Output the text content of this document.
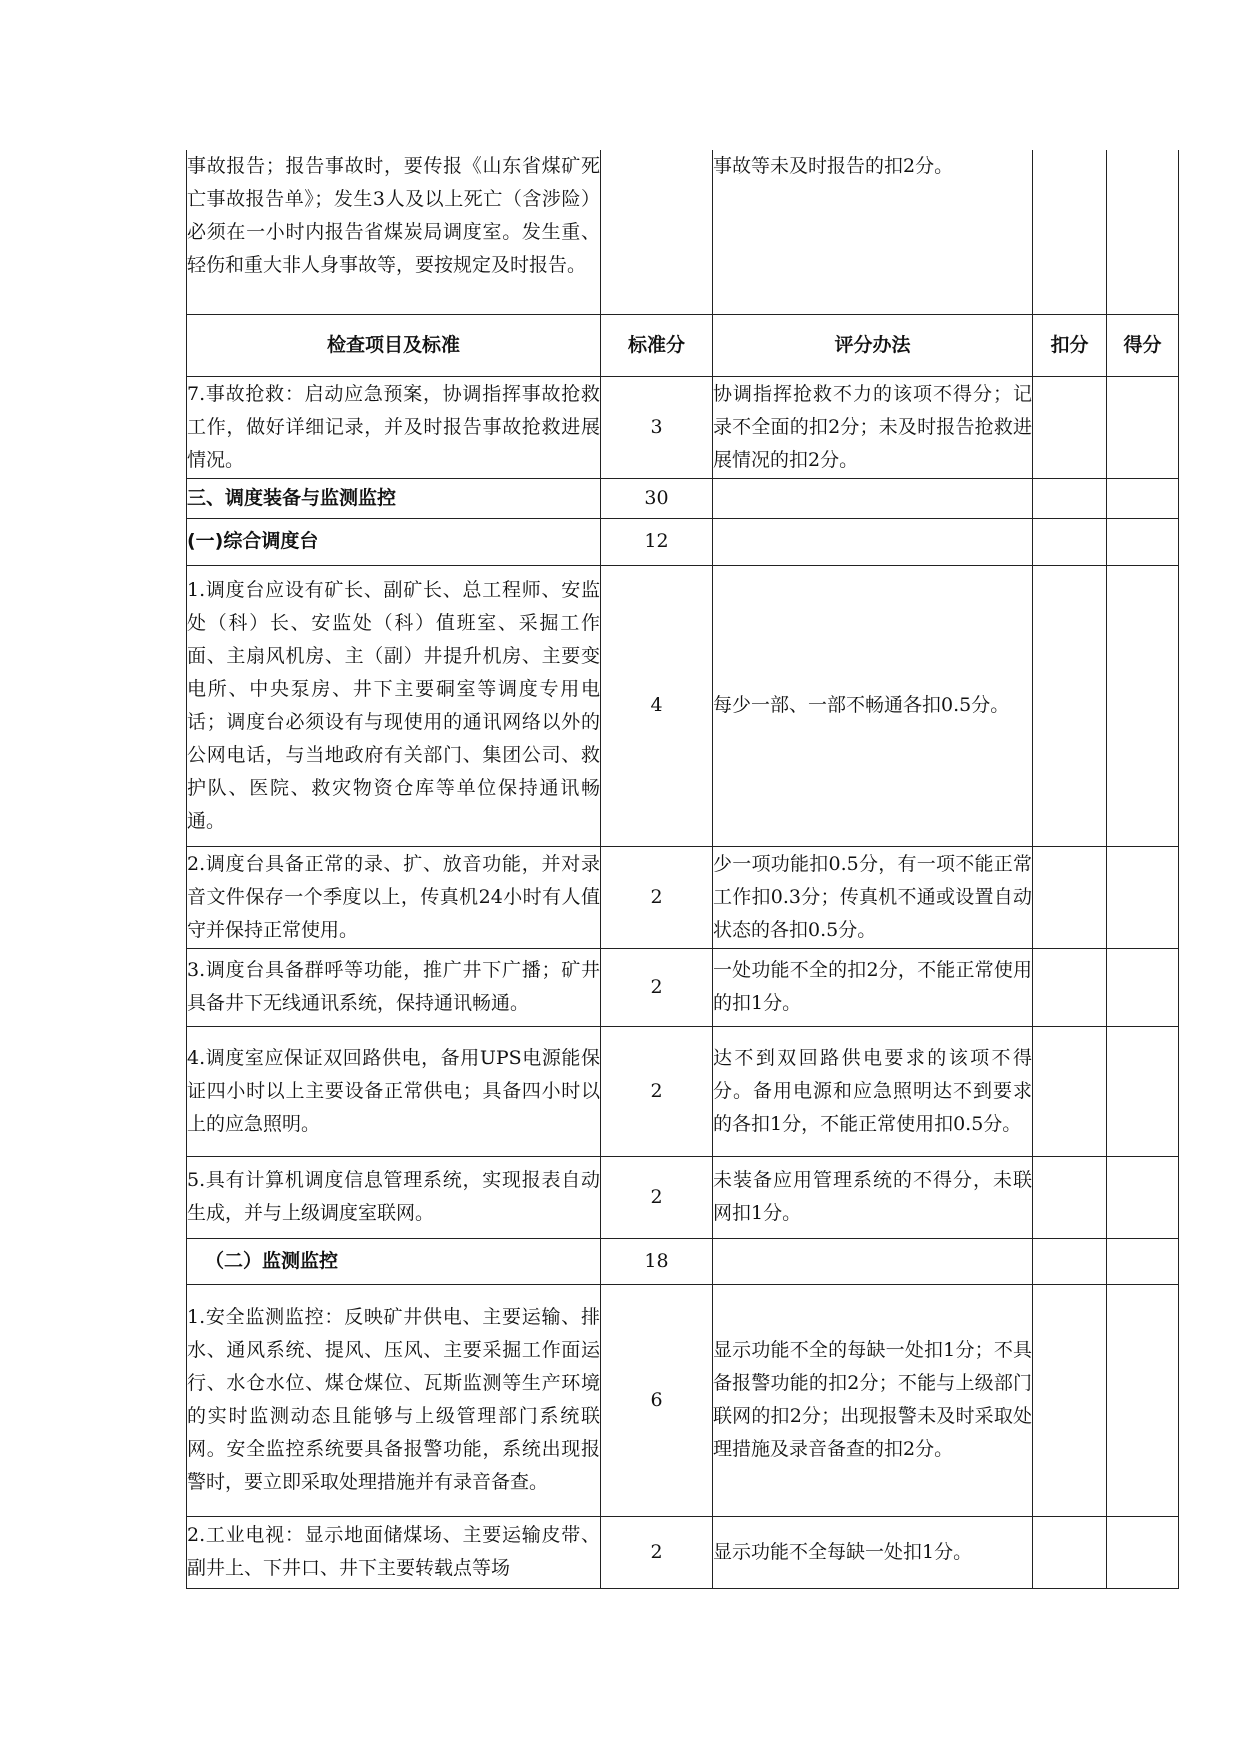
事故报告；报告事故时，要传报《山东省煤矿死亡事故报告单》；发生3人及以上死亡（含涉险）必须在一小时内报告省煤炭局调度室。发生重、轻伤和重大非人身事故等，要按规定及时报告。		事故等未及时报告的扣2分。		
检查项目及标准	标准分	评分办法	扣分	得分
7.事故抢救：启动应急预案，协调指挥事故抢救工作，做好详细记录，并及时报告事故抢救进展情况。	3	协调指挥抢救不力的该项不得分；记录不全面的扣2分；未及时报告抢救进展情况的扣2分。		
三、调度装备与监测监控	30			
(一)综合调度台	12			
1.调度台应设有矿长、副矿长、总工程师、安监处（科）长、安监处（科）值班室、采掘工作面、主扇风机房、主（副）井提升机房、主要变电所、中央泵房、井下主要硐室等调度专用电话；调度台必须设有与现使用的通讯网络以外的公网电话，与当地政府有关部门、集团公司、救护队、医院、救灾物资仓库等单位保持通讯畅通。	4	每少一部、一部不畅通各扣0.5分。		
2.调度台具备正常的录、扩、放音功能，并对录音文件保存一个季度以上，传真机24小时有人值守并保持正常使用。	2	少一项功能扣0.5分，有一项不能正常工作扣0.3分；传真机不通或设置自动状态的各扣0.5分。		
3.调度台具备群呼等功能，推广井下广播；矿井具备井下无线通讯系统，保持通讯畅通。	2	一处功能不全的扣2分，不能正常使用的扣1分。		
4.调度室应保证双回路供电，备用UPS电源能保证四小时以上主要设备正常供电；具备四小时以上的应急照明。	2	达不到双回路供电要求的该项不得分。备用电源和应急照明达不到要求的各扣1分，不能正常使用扣0.5分。		
5.具有计算机调度信息管理系统，实现报表自动生成，并与上级调度室联网。	2	未装备应用管理系统的不得分，未联网扣1分。		
（二）监测监控	18			
1.安全监测监控：反映矿井供电、主要运输、排水、通风系统、提风、压风、主要采掘工作面运行、水仓水位、煤仓煤位、瓦斯监测等生产环境的实时监测动态且能够与上级管理部门系统联网。安全监控系统要具备报警功能，系统出现报警时，要立即采取处理措施并有录音备查。	6	显示功能不全的每缺一处扣1分；不具备报警功能的扣2分；不能与上级部门联网的扣2分；出现报警未及时采取处理措施及录音备查的扣2分。		
2.工业电视：显示地面储煤场、主要运输皮带、副井上、下井口、井下主要转载点等场	2	显示功能不全每缺一处扣1分。		
